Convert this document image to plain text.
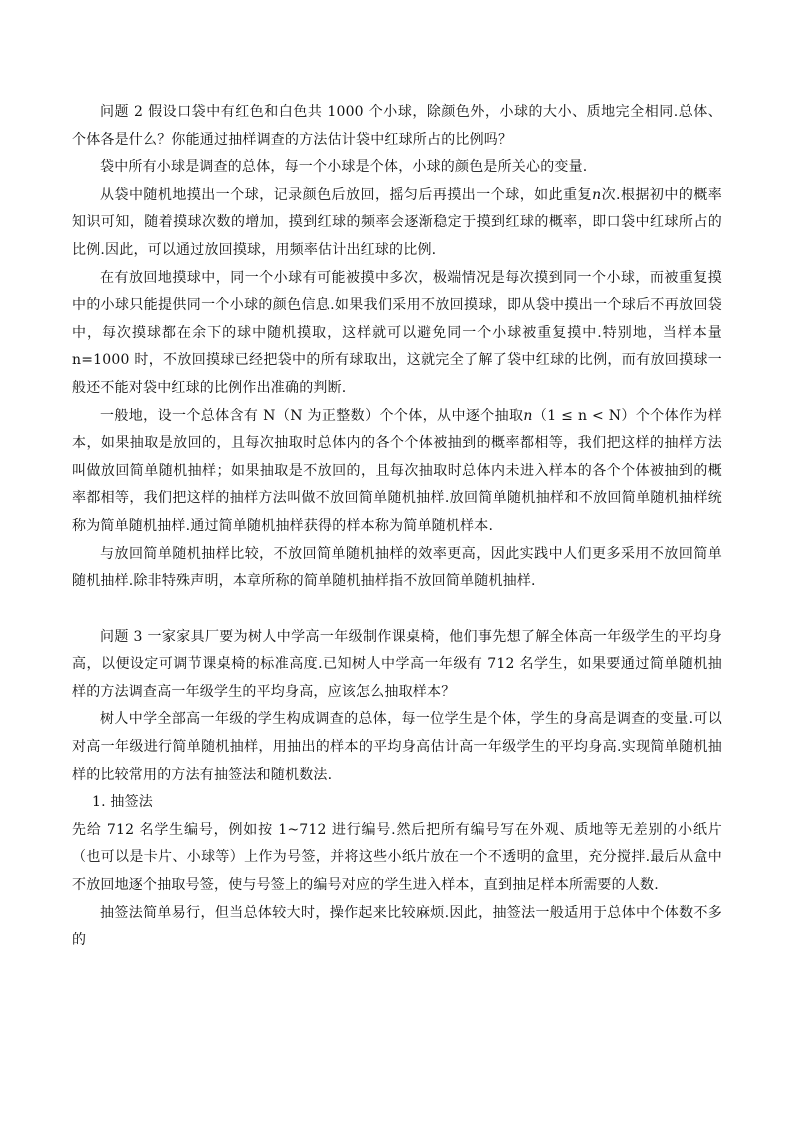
问题 2 假设口袋中有红色和白色共 1000 个小球，除颜色外，小球的大小、质地完全相同.总体、个体各是什么？你能通过抽样调查的方法估计袋中红球所占的比例吗？

袋中所有小球是调查的总体，每一个小球是个体，小球的颜色是所关心的变量.

从袋中随机地摸出一个球，记录颜色后放回，摇匀后再摸出一个球，如此重复n次.根据初中的概率知识可知，随着摸球次数的增加，摸到红球的频率会逐渐稳定于摸到红球的概率，即口袋中红球所占的比例.因此，可以通过放回摸球，用频率估计出红球的比例.

在有放回地摸球中，同一个小球有可能被摸中多次，极端情况是每次摸到同一个小球，而被重复摸中的小球只能提供同一个小球的颜色信息.如果我们采用不放回摸球，即从袋中摸出一个球后不再放回袋中，每次摸球都在余下的球中随机摸取，这样就可以避免同一个小球被重复摸中.特别地，当样本量 n=1000 时，不放回摸球已经把袋中的所有球取出，这就完全了解了袋中红球的比例，而有放回摸球一般还不能对袋中红球的比例作出准确的判断.

一般地，设一个总体含有 N（N 为正整数）个个体，从中逐个抽取n（1 ≤ n < N）个个体作为样本，如果抽取是放回的，且每次抽取时总体内的各个个体被抽到的概率都相等，我们把这样的抽样方法叫做放回简单随机抽样；如果抽取是不放回的，且每次抽取时总体内未进入样本的各个个体被抽到的概率都相等，我们把这样的抽样方法叫做不放回简单随机抽样.放回简单随机抽样和不放回简单随机抽样统称为简单随机抽样.通过简单随机抽样获得的样本称为简单随机样本.

与放回简单随机抽样比较，不放回简单随机抽样的效率更高，因此实践中人们更多采用不放回简单随机抽样.除非特殊声明，本章所称的简单随机抽样指不放回简单随机抽样.

问题 3 一家家具厂要为树人中学高一年级制作课桌椅，他们事先想了解全体高一年级学生的平均身高，以便设定可调节课桌椅的标准高度.已知树人中学高一年级有 712 名学生，如果要通过简单随机抽样的方法调查高一年级学生的平均身高，应该怎么抽取样本？

树人中学全部高一年级的学生构成调查的总体，每一位学生是个体，学生的身高是调查的变量.可以对高一年级进行简单随机抽样，用抽出的样本的平均身高估计高一年级学生的平均身高.实现简单随机抽样的比较常用的方法有抽签法和随机数法.

1. 抽签法

先给 712 名学生编号，例如按 1~712 进行编号.然后把所有编号写在外观、质地等无差别的小纸片（也可以是卡片、小球等）上作为号签，并将这些小纸片放在一个不透明的盒里，充分搅拌.最后从盒中不放回地逐个抽取号签，使与号签上的编号对应的学生进入样本，直到抽足样本所需要的人数.

抽签法简单易行，但当总体较大时，操作起来比较麻烦.因此，抽签法一般适用于总体中个体数不多的
